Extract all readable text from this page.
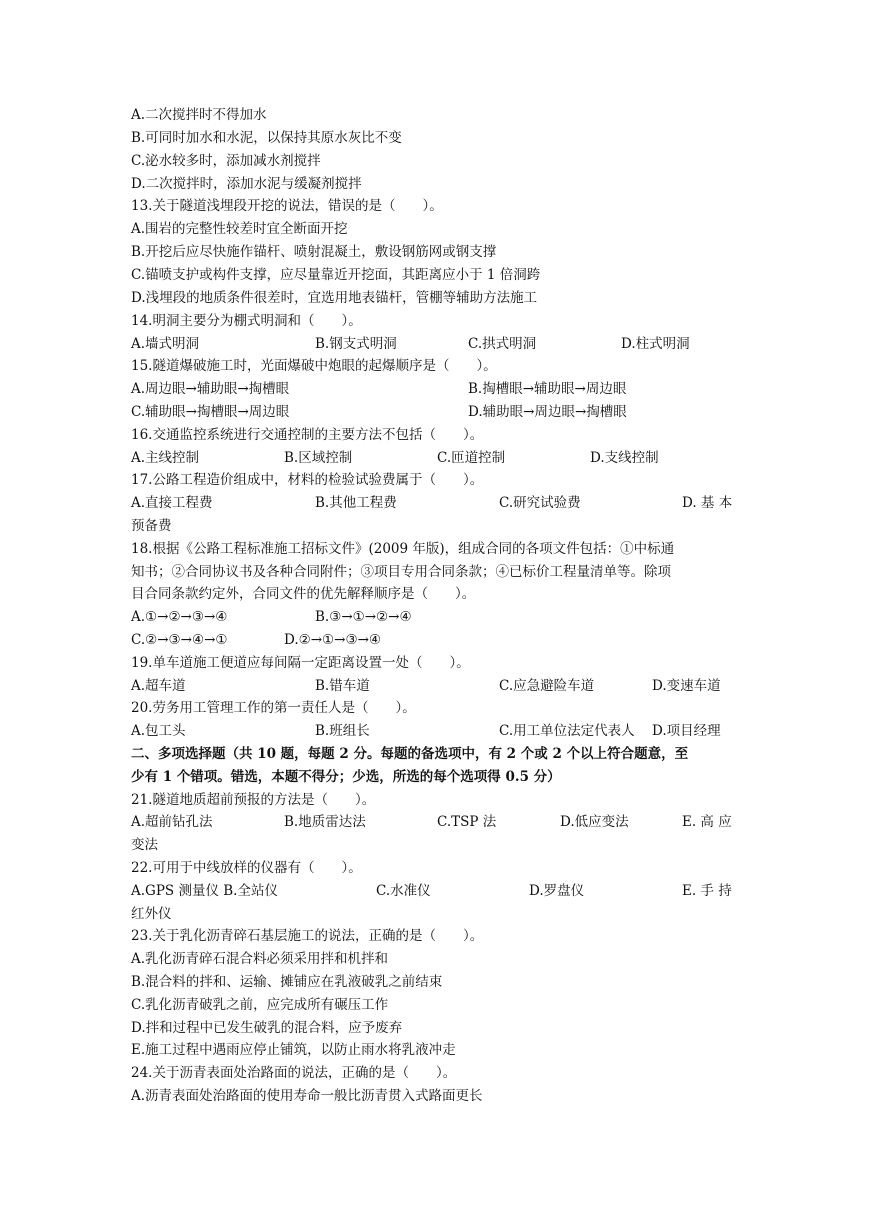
A.二次搅拌时不得加水
B.可同时加水和水泥，以保持其原水灰比不变
C.泌水较多时，添加减水剂搅拌
D.二次搅拌时，添加水泥与缓凝剂搅拌
13.关于隧道浅埋段开挖的说法，错误的是（　　）。
A.围岩的完整性较差时宜全断面开挖
B.开挖后应尽快施作锚杆、喷射混凝土，敷设钢筋网或钢支撑
C.锚喷支护或构件支撑，应尽量靠近开挖面，其距离应小于 1 倍洞跨
D.浅埋段的地质条件很差时，宜选用地表锚杆，管棚等辅助方法施工
14.明洞主要分为棚式明洞和（　　）。
A.墙式明洞	B.钢支式明洞	C.拱式明洞	D.柱式明洞
15.隧道爆破施工时，光面爆破中炮眼的起爆顺序是（　　）。
A.周边眼→辅助眼→掏槽眼	B.掏槽眼→辅助眼→周边眼
C.辅助眼→掏槽眼→周边眼	D.辅助眼→周边眼→掏槽眼
16.交通监控系统进行交通控制的主要方法不包括（　　）。
A.主线控制	B.区域控制	C.匝道控制	D.支线控制
17.公路工程造价组成中，材料的检验试验费属于（　　）。
A.直接工程费	B.其他工程费	C.研究试验费	D. 基 本
预备费
18.根据《公路工程标准施工招标文件》(2009 年版)，组成合同的各项文件包括：①中标通
知书；②合同协议书及各种合同附件；③项目专用合同条款；④已标价工程量清单等。除项
目合同条款约定外，合同文件的优先解释顺序是（　　）。
A.①→②→③→④	B.③→①→②→④
C.②→③→④→①	D.②→①→③→④
19.单车道施工便道应每间隔一定距离设置一处（　　）。
A.超车道	B.错车道	C.应急避险车道	D.变速车道
20.劳务用工管理工作的第一责任人是（　　）。
A.包工头	B.班组长	C.用工单位法定代表人 D.项目经理
二、多项选择题（共 10 题，每题 2 分。每题的备选项中，有 2 个或 2 个以上符合题意，至
少有 1 个错项。错选，本题不得分；少选，所选的每个选项得 0.5 分）
21.隧道地质超前预报的方法是（　　）。
A.超前钻孔法	B.地质雷达法	C.TSP 法	D.低应变法	E. 高 应
变法
22.可用于中线放样的仪器有（　　）。
A.GPS 测量仪 B.全站仪	C.水准仪	D.罗盘仪	E. 手 持
红外仪
23.关于乳化沥青碎石基层施工的说法，正确的是（　　）。
A.乳化沥青碎石混合料必须采用拌和机拌和
B.混合料的拌和、运输、摊铺应在乳液破乳之前结束
C.乳化沥青破乳之前，应完成所有碾压工作
D.拌和过程中已发生破乳的混合料，应予废弃
E.施工过程中遇雨应停止铺筑，以防止雨水将乳液冲走
24.关于沥青表面处治路面的说法，正确的是（　　）。
A.沥青表面处治路面的使用寿命一般比沥青贯入式路面更长
